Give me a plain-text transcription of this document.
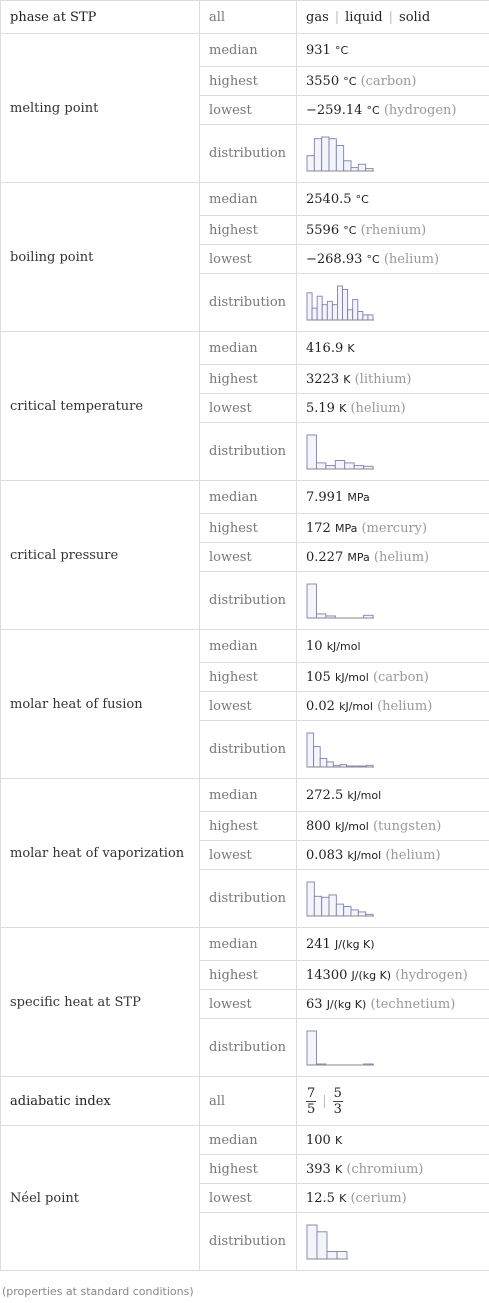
phase at STP	all	gas | liquid | solid
melting point	median	931 °C
	highest	3550 °C (carbon)
	lowest	−259.14 °C (hydrogen)
	distribution	

boiling point	median	2540.5 °C
	highest	5596 °C (rhenium)
	lowest	−268.93 °C (helium)
	distribution	

critical temperature	median	416.9 K
	highest	3223 K (lithium)
	lowest	5.19 K (helium)
	distribution	

critical pressure	median	7.991 MPa
	highest	172 MPa (mercury)
	lowest	0.227 MPa (helium)
	distribution	

molar heat of fusion	median	10 kJ/mol
	highest	105 kJ/mol (carbon)
	lowest	0.02 kJ/mol (helium)
	distribution	

molar heat of vaporization	median	272.5 kJ/mol
	highest	800 kJ/mol (tungsten)
	lowest	0.083 kJ/mol (helium)
	distribution	

specific heat at STP	median	241 J/(kg K)
	highest	14300 J/(kg K) (hydrogen)
	lowest	63 J/(kg K) (technetium)
	distribution	

adiabatic index	all	$\frac{7}{5}$ | $\frac{5}{3}$

Néel point	median	100 K
	highest	393 K (chromium)
	lowest	12.5 K (cerium)
	distribution	
(properties at standard conditions)
